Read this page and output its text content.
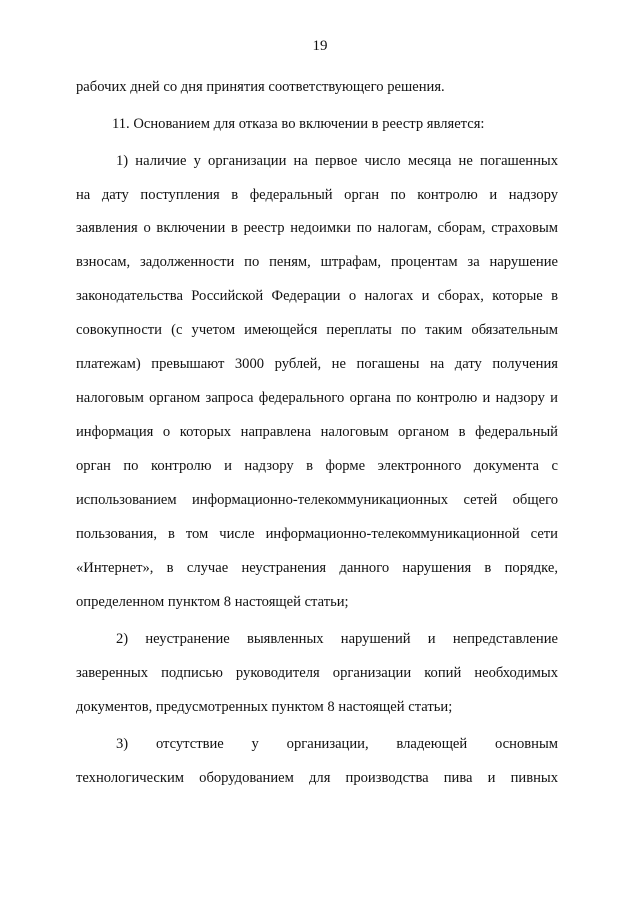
19
рабочих дней со дня принятия соответствующего решения.
11. Основанием для отказа во включении в реестр является:
1) наличие у организации на первое число месяца не погашенных
на дату поступления в федеральный орган по контролю и надзору
заявления о включении в реестр недоимки по налогам, сборам, страховым
взносам, задолженности по пеням, штрафам, процентам за нарушение
законодательства Российской Федерации о налогах и сборах, которые в
совокупности (с учетом имеющейся переплаты по таким обязательным
платежам) превышают 3000 рублей, не погашены на дату получения
налоговым органом запроса федерального органа по контролю и надзору и
информация о которых направлена налоговым органом в федеральный
орган по контролю и надзору в форме электронного документа с
использованием информационно-телекоммуникационных сетей общего
пользования, в том числе информационно-телекоммуникационной сети
«Интернет», в случае неустранения данного нарушения в порядке,
определенном пунктом 8 настоящей статьи;
2) неустранение выявленных нарушений и непредставление
заверенных подписью руководителя организации копий необходимых
документов, предусмотренных пунктом 8 настоящей статьи;
3) отсутствие у организации, владеющей основным
технологическим оборудованием для производства пива и пивных
